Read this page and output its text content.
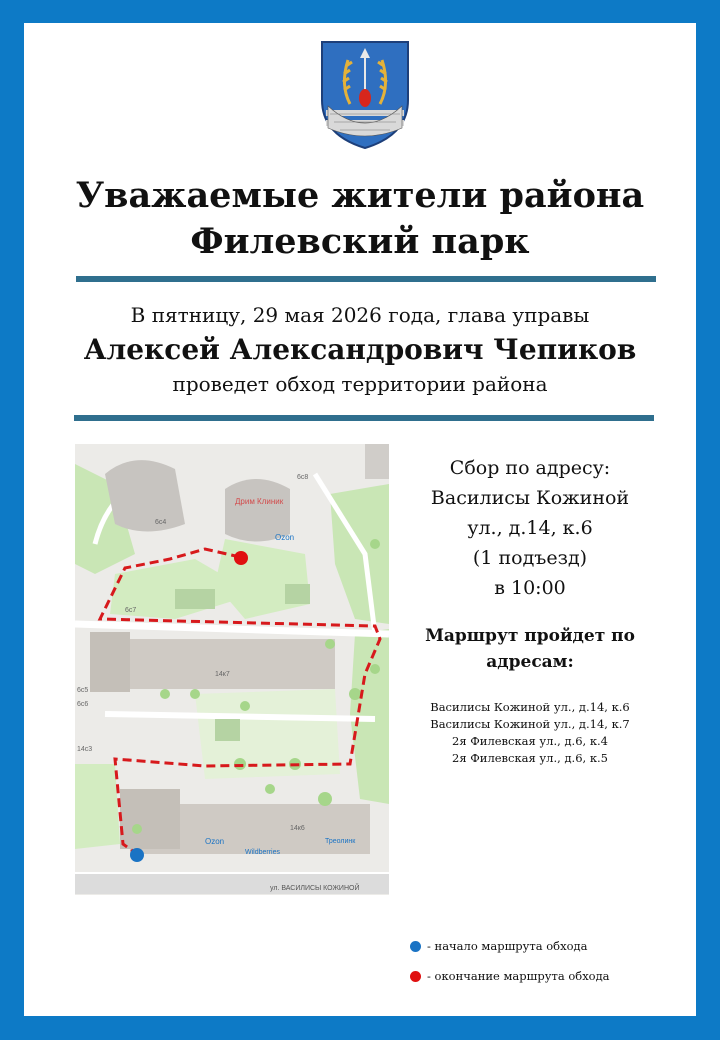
Уважаемые жители района
Филевский парк
В пятницу, 29 мая 2026 года, глава управы
Алексей Александрович Чепиков
проведет обход территории района
6с4
6с8
6с7
14к7
14к6
6с5
6с6
14с3
Дрим Клиник
Ozon
Ozon
Wildberries
Треолинк
ул. ВАСИЛИСЫ КОЖИНОЙ
Сбор по адресу:
Василисы Кожиной
ул., д.14, к.6
(1 подъезд)
в 10:00
Маршрут пройдет по
адресам:
Василисы Кожиной ул., д.14, к.6
Василисы Кожиной ул., д.14, к.7
2я Филевская ул., д.6, к.4
2я Филевская ул., д.6, к.5
- начало маршрута обхода
- окончание маршрута обхода
